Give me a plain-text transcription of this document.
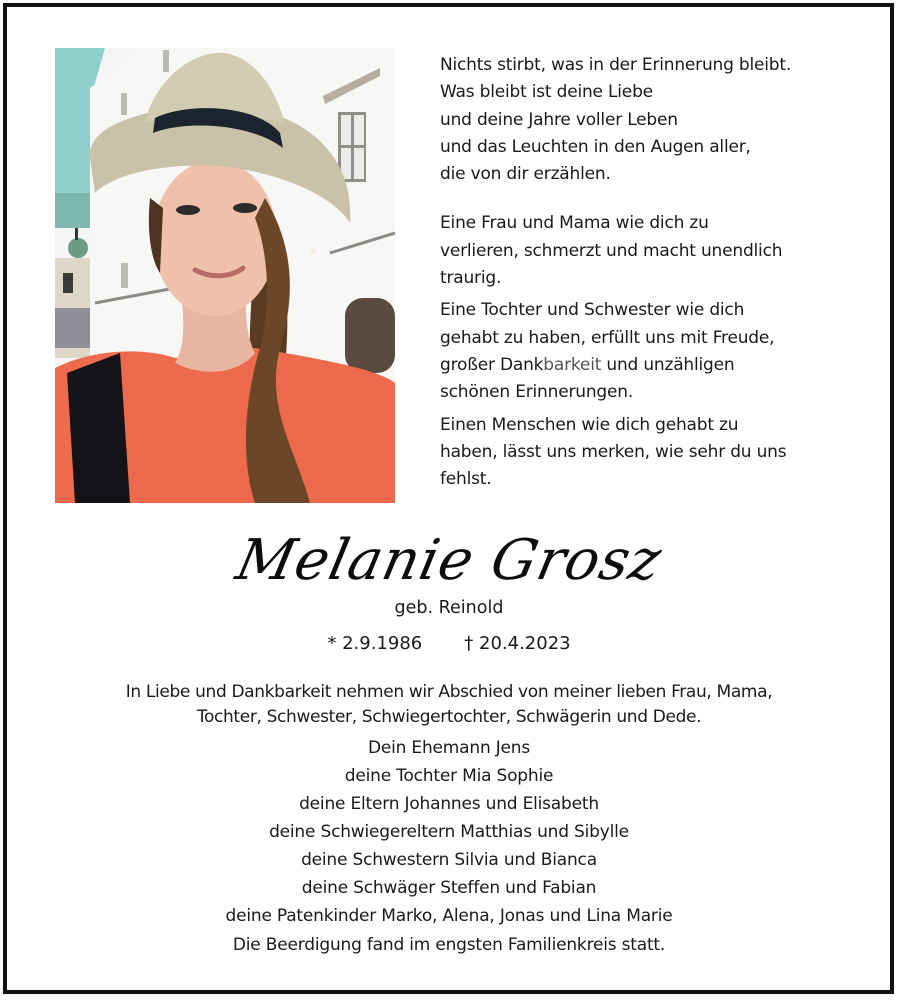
Nichts stirbt, was in der Erinnerung bleibt.
Was bleibt ist deine Liebe
und deine Jahre voller Leben
und das Leuchten in den Augen aller,
die von dir erzählen.
Eine Frau und Mama wie dich zu
verlieren, schmerzt und macht unendlich
traurig.
Eine Tochter und Schwester wie dich
gehabt zu haben, erfüllt uns mit Freude,
großer Dankbarkeit und unzähligen
schönen Erinnerungen.
Einen Menschen wie dich gehabt zu
haben, lässt uns merken, wie sehr du uns
fehlst.
Melanie Grosz
geb. Reinold
* 2.9.1986 † 20.4.2023
In Liebe und Dankbarkeit nehmen wir Abschied von meiner lieben Frau, Mama,
Tochter, Schwester, Schwiegertochter, Schwägerin und Dede.
Dein Ehemann Jens
deine Tochter Mia Sophie
deine Eltern Johannes und Elisabeth
deine Schwiegereltern Matthias und Sibylle
deine Schwestern Silvia und Bianca
deine Schwäger Steffen und Fabian
deine Patenkinder Marko, Alena, Jonas und Lina Marie
Die Beerdigung fand im engsten Familienkreis statt.
